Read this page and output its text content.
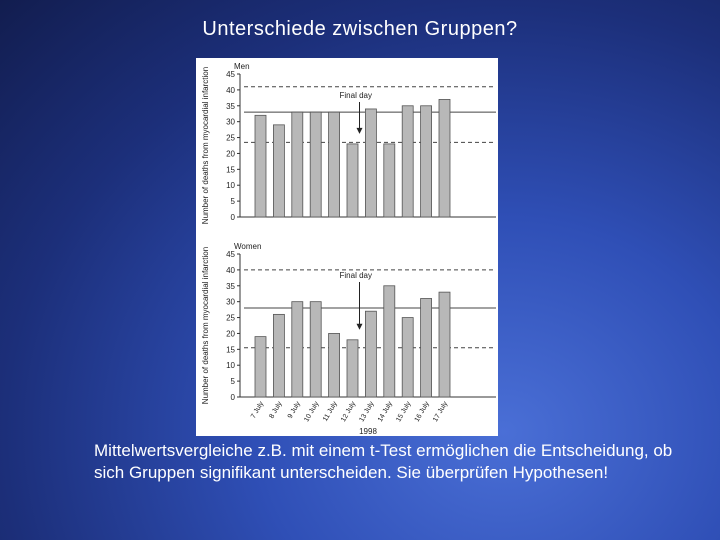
Unterschiede zwischen Gruppen?
Men
0
5
10
15
20
25
30
35
40
45
Number of deaths from myocardial infarction	Final day
Women
0
5
10
15
20
25
30
35
40
45
Number of deaths from myocardial infarction	Final day
7 July 8 July 9 July 10 July 11 July 12 July 13 July 14 July 15 July 16 July 17 July
1998
Mittelwertsvergleiche z.B. mit einem t-Test ermöglichen die Entscheidung, ob sich Gruppen signifikant unterscheiden. Sie überprüfen Hypothesen!
